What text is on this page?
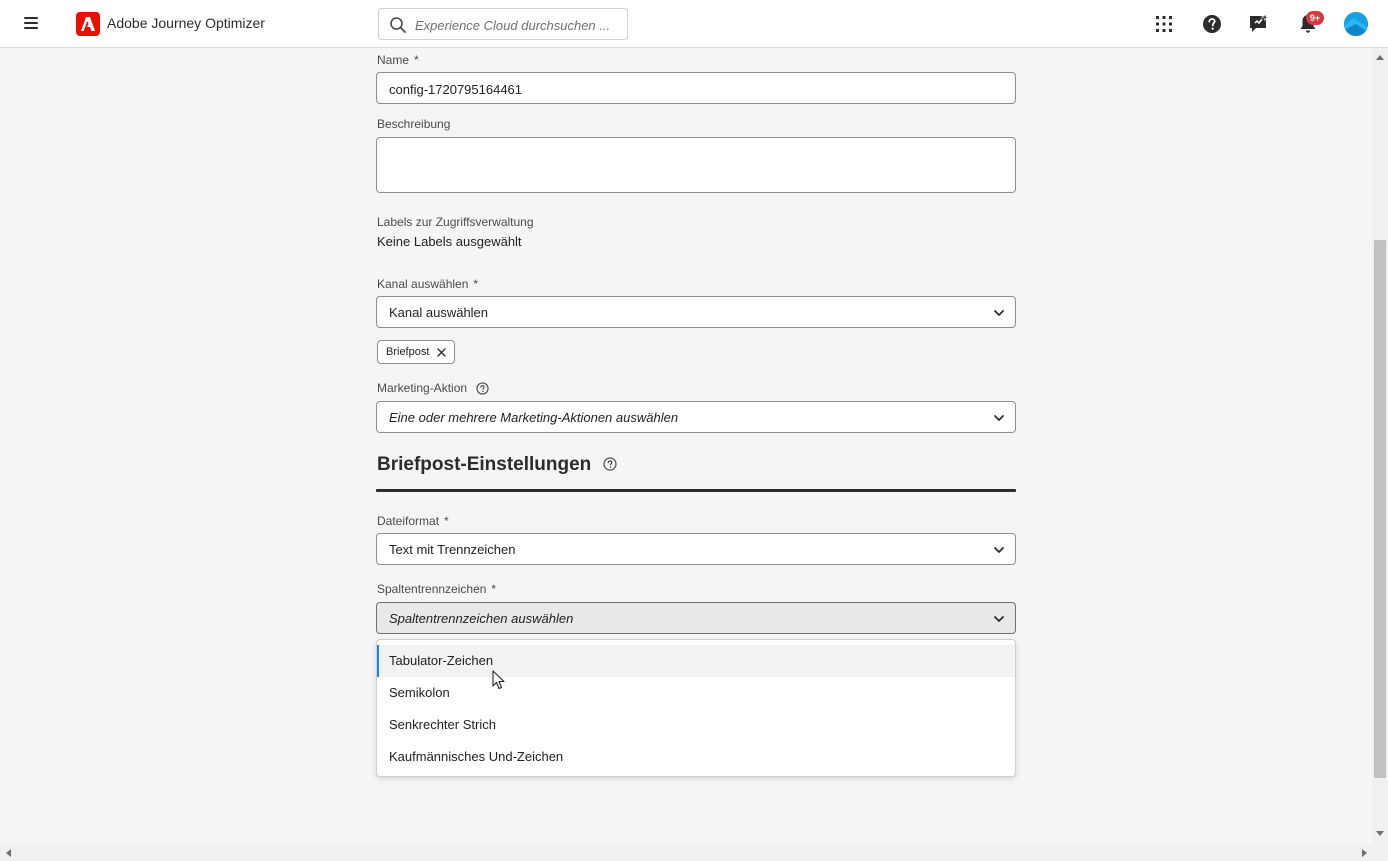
Adobe Journey Optimizer
Experience Cloud durchsuchen ...	9+
Name *
config-1720795164461
Beschreibung
Labels zur Zugriffsverwaltung
Keine Labels ausgewählt
Kanal auswählen *
Kanal auswählen
Briefpost
Marketing-Aktion
Eine oder mehrere Marketing-Aktionen auswählen
Briefpost-Einstellungen
Dateiformat *
Text mit Trennzeichen
Spaltentrennzeichen *
Spaltentrennzeichen auswählen
Tabulator-Zeichen
Semikolon
Senkrechter Strich
Kaufmännisches Und-Zeichen
